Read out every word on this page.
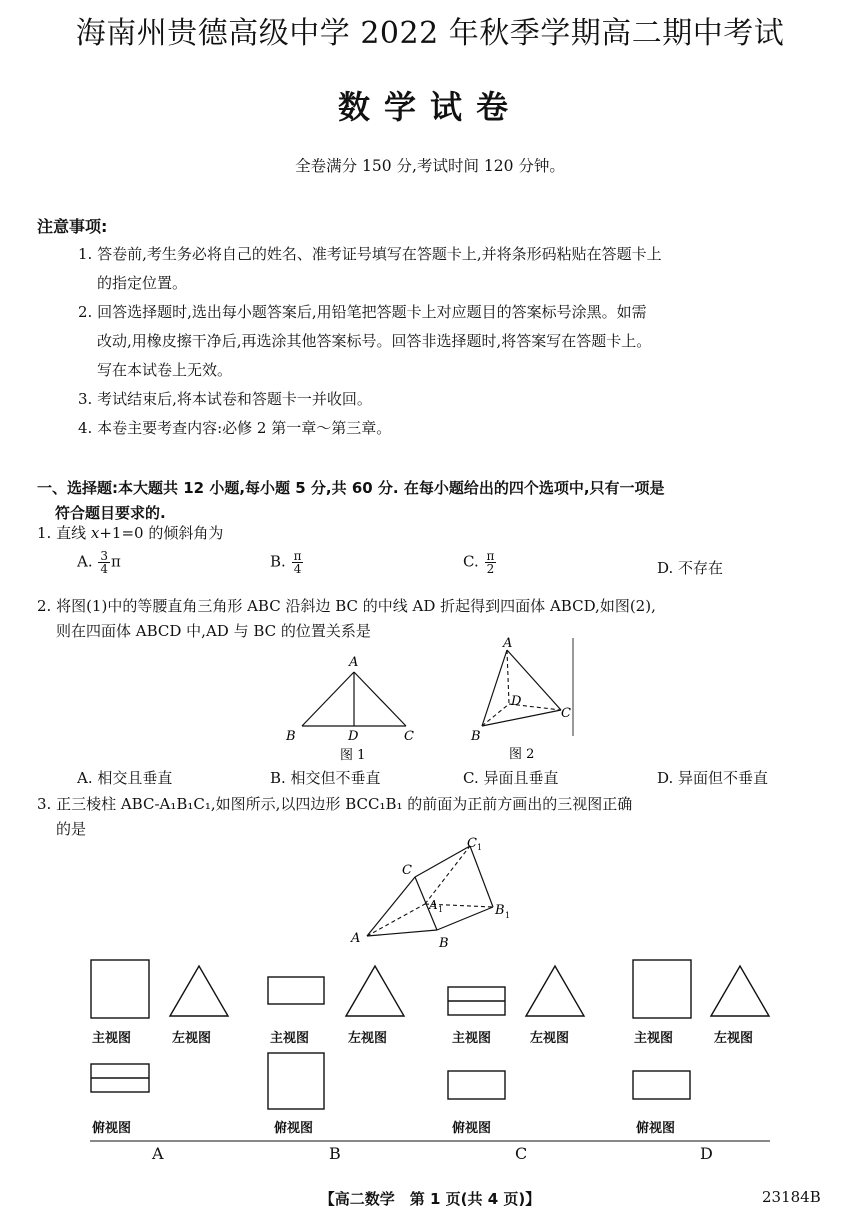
海南州贵德高级中学 2022 年秋季学期高二期中考试
数学试卷
全卷满分 150 分,考试时间 120 分钟。
注意事项:
1. 答卷前,考生务必将自己的姓名、准考证号填写在答题卡上,并将条形码粘贴在答题卡上
的指定位置。
2. 回答选择题时,选出每小题答案后,用铅笔把答题卡上对应题目的答案标号涂黑。如需
改动,用橡皮擦干净后,再选涂其他答案标号。回答非选择题时,将答案写在答题卡上。
写在本试卷上无效。
3. 考试结束后,将本试卷和答题卡一并收回。
4. 本卷主要考查内容:必修 2 第一章～第三章。
一、选择题:本大题共 12 小题,每小题 5 分,共 60 分. 在每小题给出的四个选项中,只有一项是
符合题目要求的.
1. 直线 x+1=0 的倾斜角为
A. $\frac{3}{4}$ π	B. $\frac{\pi}{4}$	C. $\frac{\pi}{2}$	D. 不存在
2. 将图(1)中的等腰直角三角形 ABC 沿斜边 BC 的中线 AD 折起得到四面体 ABCD,如图(2),
则在四面体 ABCD 中,AD 与 BC 的位置关系是
A
B	D	C
图 1
A
B
D
C
图 2
A. 相交且垂直	B. 相交但不垂直	C. 异面且垂直	D. 异面但不垂直
3. 正三棱柱 ABC-A₁B₁C₁,如图所示,以四边形 BCC₁B₁ 的前面为正前方画出的三视图正确
的是
A	B
C
A 1	B 1
C 1
主视图	左视图
俯视图
主视图	左视图
俯视图
主视图	左视图
俯视图
主视图	左视图
俯视图
A	B	C	D
【高二数学　第 1 页(共 4 页)】	23184B
